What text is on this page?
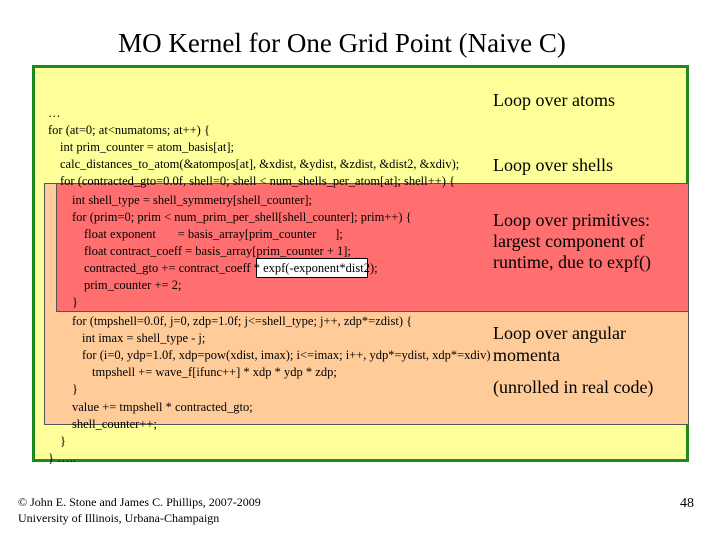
MO Kernel for One Grid Point (Naive C)
…
for (at=0; at<numatoms; at++) {
int prim_counter = atom_basis[at];
calc_distances_to_atom(&atompos[at], &xdist, &ydist, &zdist, &dist2, &xdiv);
for (contracted_gto=0.0f, shell=0; shell < num_shells_per_atom[at]; shell++) {
int shell_type = shell_symmetry[shell_counter];
for (prim=0; prim < num_prim_per_shell[shell_counter]; prim++) {
float exponent       = basis_array[prim_counter      ];
float contract_coeff = basis_array[prim_counter + 1];
contracted_gto += contract_coeff * expf(-exponent*dist2);
prim_counter += 2;
}
for (tmpshell=0.0f, j=0, zdp=1.0f; j<=shell_type; j++, zdp*=zdist) {
int imax = shell_type - j;
for (i=0, ydp=1.0f, xdp=pow(xdist, imax); i<=imax; i++, ydp*=ydist, xdp*=xdiv)
tmpshell += wave_f[ifunc++] * xdp * ydp * zdp;
}
value += tmpshell * contracted_gto;
shell_counter++;
}
} …..
Loop over atoms
Loop over shells
Loop over primitives:
largest component of
runtime, due to expf()
Loop over angular
momenta
(unrolled in real code)
© John E. Stone and James C. Phillips, 2007-2009
University of Illinois, Urbana-Champaign
48
